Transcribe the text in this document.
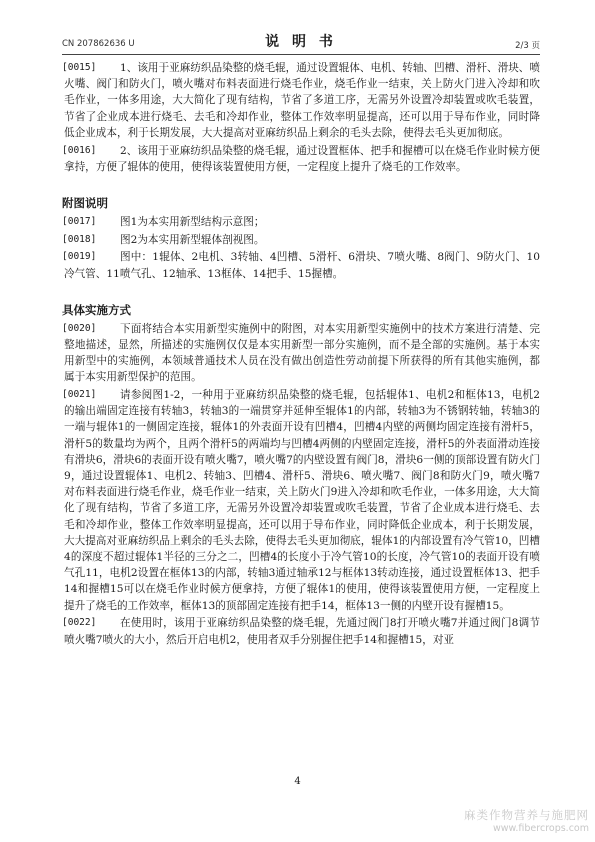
CN 207862636 U	说 明 书	2/3 页
[0015]	1、该用于亚麻纺织品染整的烧毛辊，通过设置辊体、电机、转轴、凹槽、滑杆、滑块、喷火嘴、阀门和防火门，喷火嘴对布料表面进行烧毛作业，烧毛作业一结束，关上防火门进入冷却和吹毛作业，一体多用途，大大简化了现有结构，节省了多道工序，无需另外设置冷却装置或吹毛装置，节省了企业成本进行烧毛、去毛和冷却作业，整体工作效率明显提高，还可以用于导布作业，同时降低企业成本，利于长期发展，大大提高对亚麻纺织品上剩余的毛头去除，使得去毛头更加彻底。
[0016]	2、该用于亚麻纺织品染整的烧毛辊，通过设置框体、把手和握槽可以在烧毛作业时候方便拿持，方便了辊体的使用，使得该装置使用方便，一定程度上提升了烧毛的工作效率。
附图说明
[0017]	图1为本实用新型结构示意图；
[0018]	图2为本实用新型辊体剖视图。
[0019]	图中：1辊体、2电机、3转轴、4凹槽、5滑杆、6滑块、7喷火嘴、8阀门、9防火门、10冷气管、11喷气孔、12轴承、13框体、14把手、15握槽。
具体实施方式
[0020]	下面将结合本实用新型实施例中的附图，对本实用新型实施例中的技术方案进行清楚、完整地描述，显然，所描述的实施例仅仅是本实用新型一部分实施例，而不是全部的实施例。基于本实用新型中的实施例，本领域普通技术人员在没有做出创造性劳动前提下所获得的所有其他实施例，都属于本实用新型保护的范围。
[0021]	请参阅图1-2，一种用于亚麻纺织品染整的烧毛辊，包括辊体1、电机2和框体13，电机2的输出端固定连接有转轴3，转轴3的一端贯穿并延伸至辊体1的内部，转轴3为不锈钢转轴，转轴3的一端与辊体1的一侧固定连接，辊体1的外表面开设有凹槽4，凹槽4内壁的两侧均固定连接有滑杆5，滑杆5的数量均为两个，且两个滑杆5的两端均与凹槽4两侧的内壁固定连接，滑杆5的外表面滑动连接有滑块6，滑块6的表面开设有喷火嘴7，喷火嘴7的内壁设置有阀门8，滑块6一侧的顶部设置有防火门9，通过设置辊体1、电机2、转轴3、凹槽4、滑杆5、滑块6、喷火嘴7、阀门8和防火门9，喷火嘴7对布料表面进行烧毛作业，烧毛作业一结束，关上防火门9进入冷却和吹毛作业，一体多用途，大大简化了现有结构，节省了多道工序，无需另外设置冷却装置或吹毛装置，节省了企业成本进行烧毛、去毛和冷却作业，整体工作效率明显提高，还可以用于导布作业，同时降低企业成本，利于长期发展，大大提高对亚麻纺织品上剩余的毛头去除，使得去毛头更加彻底，辊体1的内部设置有冷气管10，凹槽4的深度不超过辊体1半径的三分之二，凹槽4的长度小于冷气管10的长度，冷气管10的表面开设有喷气孔11，电机2设置在框体13的内部，转轴3通过轴承12与框体13转动连接，通过设置框体13、把手14和握槽15可以在烧毛作业时候方便拿持，方便了辊体1的使用，使得该装置使用方便，一定程度上提升了烧毛的工作效率，框体13的顶部固定连接有把手14，框体13一侧的内壁开设有握槽15。
[0022]	在使用时，该用于亚麻纺织品染整的烧毛辊，先通过阀门8打开喷火嘴7并通过阀门8调节喷火嘴7喷火的大小，然后开启电机2，使用者双手分别握住把手14和握槽15，对亚
4
麻类作物营养与施肥网
www.fibercrops.com
